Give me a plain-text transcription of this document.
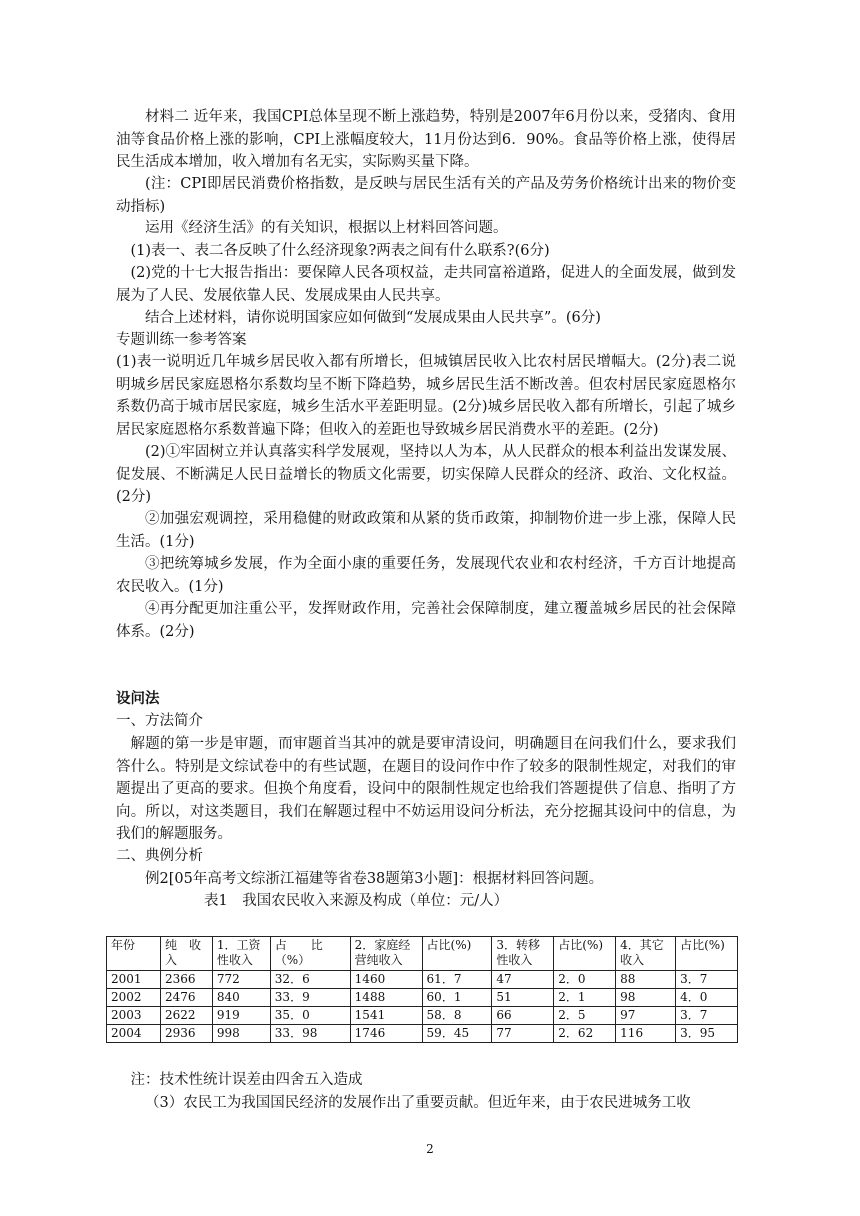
材料二 近年来，我国CPI总体呈现不断上涨趋势，特别是2007年6月份以来，受猪肉、食用油等食品价格上涨的影响，CPI上涨幅度较大，11月份达到6．90%。食品等价格上涨，使得居民生活成本增加，收入增加有名无实，实际购买量下降。

(注：CPI即居民消费价格指数，是反映与居民生活有关的产品及劳务价格统计出来的物价变动指标)

运用《经济生活》的有关知识，根据以上材料回答问题。

(1)表一、表二各反映了什么经济现象?两表之间有什么联系?(6分)

(2)党的十七大报告指出：要保障人民各项权益，走共同富裕道路，促进人的全面发展，做到发展为了人民、发展依靠人民、发展成果由人民共享。

结合上述材料，请你说明国家应如何做到“发展成果由人民共享”。(6分)

专题训练一参考答案

(1)表一说明近几年城乡居民收入都有所增长，但城镇居民收入比农村居民增幅大。(2分)表二说明城乡居民家庭恩格尔系数均呈不断下降趋势，城乡居民生活不断改善。但农村居民家庭恩格尔系数仍高于城市居民家庭，城乡生活水平差距明显。(2分)城乡居民收入都有所增长，引起了城乡居民家庭恩格尔系数普遍下降；但收入的差距也导致城乡居民消费水平的差距。(2分)

(2)①牢固树立并认真落实科学发展观，坚持以人为本，从人民群众的根本利益出发谋发展、促发展、不断满足人民日益增长的物质文化需要，切实保障人民群众的经济、政治、文化权益。(2分)

②加强宏观调控，采用稳健的财政政策和从紧的货币政策，抑制物价进一步上涨，保障人民生活。(1分)

③把统筹城乡发展，作为全面小康的重要任务，发展现代农业和农村经济，千方百计地提高农民收入。(1分)

④再分配更加注重公平，发挥财政作用，完善社会保障制度，建立覆盖城乡居民的社会保障体系。(2分)

设问法

一、方法简介

解题的第一步是审题，而审题首当其冲的就是要审清设问，明确题目在问我们什么，要求我们答什么。特别是文综试卷中的有些试题，在题目的设问作中作了较多的限制性规定，对我们的审题提出了更高的要求。但换个角度看，设问中的限制性规定也给我们答题提供了信息、指明了方向。所以，对这类题目，我们在解题过程中不妨运用设问分析法，充分挖掘其设问中的信息，为我们的解题服务。

二、典例分析

例2[05年高考文综浙江福建等省卷38题第3小题]：根据材料回答问题。

表1　我国农民收入来源及构成（单位：元/人）

年份	纯　收入	1．工资性收入	占　　比（%）	2．家庭经营纯收入	占比(%)	3．转移性收入	占比(%)	4．其它收入	占比(%)
2001	2366	772	32．6	1460	61．7	47	2．0	88	3．7
2002	2476	840	33．9	1488	60．1	51	2．1	98	4．0
2003	2622	919	35．0	1541	58．8	66	2．5	97	3．7
2004	2936	998	33．98	1746	59．45	77	2．62	116	3．95

注：技术性统计误差由四舍五入造成

（3）农民工为我国国民经济的发展作出了重要贡献。但近年来，由于农民进城务工收

2
